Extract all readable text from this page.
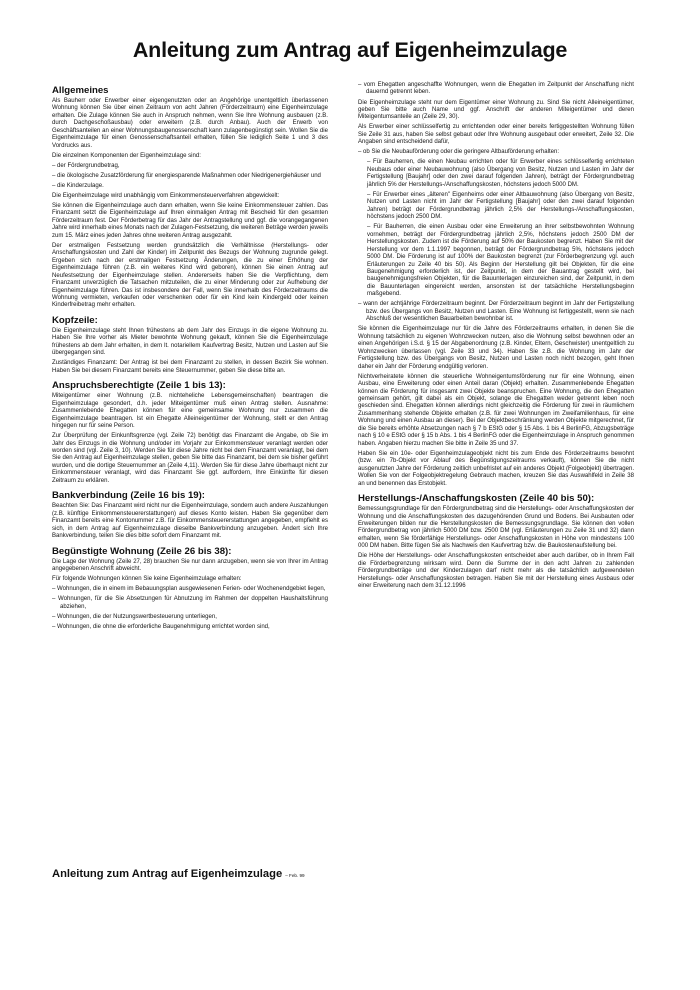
Anleitung zum Antrag auf Eigenheimzulage
Allgemeines

Als Bauherr oder Erwerber einer eigengenutzten oder an Angehörige unentgeltlich überlassenen Wohnung können Sie über einen Zeitraum von acht Jahren (Förderzeitraum) eine Eigenheimzulage erhalten. Die Zulage können Sie auch in Anspruch nehmen, wenn Sie Ihre Wohnung ausbauen (z.B. durch Dachgeschoßausbau) oder erweitern (z.B. durch Anbau). Auch der Erwerb von Geschäftsanteilen an einer Wohnungsbaugenossenschaft kann zulagenbegünstigt sein. Wollen Sie die Eigenheimzulage für einen Genossenschaftsanteil erhalten, füllen Sie lediglich Seite 1 und 3 des Vordrucks aus.

Die einzelnen Komponenten der Eigenheimzulage sind:

– der Fördergrundbetrag,

– die ökologische Zusatzförderung für energiesparende Maßnahmen oder Niedrigenergiehäuser und

– die Kinderzulage.

Die Eigenheimzulage wird unabhängig vom Einkommensteuerverfahren abgewickelt:

Sie können die Eigenheimzulage auch dann erhalten, wenn Sie keine Einkommensteuer zahlen. Das Finanzamt setzt die Eigenheimzulage auf Ihren einmaligen Antrag mit Bescheid für den gesamten Förderzeitraum fest. Der Förderbetrag für das Jahr der Antragstellung und ggf. die vorangegangenen Jahre wird innerhalb eines Monats nach der Zulagen-Festsetzung, die weiteren Beträge werden jeweils zum 15. März eines jeden Jahres ohne weiteren Antrag ausgezahlt.

Der erstmaligen Festsetzung werden grundsätzlich die Verhältnisse (Herstellungs- oder Anschaffungskosten und Zahl der Kinder) im Zeitpunkt des Bezugs der Wohnung zugrunde gelegt. Ergeben sich nach der erstmaligen Festsetzung Änderungen, die zu einer Erhöhung der Eigenheimzulage führen (z.B. ein weiteres Kind wird geboren), können Sie einen Antrag auf Neufestsetzung der Eigenheimzulage stellen. Andererseits haben Sie die Verpflichtung, dem Finanzamt unverzüglich die Tatsachen mitzuteilen, die zu einer Minderung oder zur Aufhebung der Eigenheimzulage führen. Das ist insbesondere der Fall, wenn Sie innerhalb des Förderzeitraums die Wohnung vermieten, verkaufen oder verschenken oder für ein Kind kein Kindergeld oder keinen Kinderfreibetrag mehr erhalten.

Kopfzeile:

Die Eigenheimzulage steht Ihnen frühestens ab dem Jahr des Einzugs in die eigene Wohnung zu. Haben Sie Ihre vorher als Mieter bewohnte Wohnung gekauft, können Sie die Eigenheimzulage frühestens ab dem Jahr erhalten, in dem lt. notariellem Kaufvertrag Besitz, Nutzen und Lasten auf Sie übergegangen sind.

Zuständiges Finanzamt: Der Antrag ist bei dem Finanzamt zu stellen, in dessen Bezirk Sie wohnen. Haben Sie bei diesem Finanzamt bereits eine Steuernummer, geben Sie diese bitte an.

Anspruchsberechtigte (Zeile 1 bis 13):

Miteigentümer einer Wohnung (z.B. nichteheliche Lebensgemeinschaften) beantragen die Eigenheimzulage gesondert, d.h. jeder Miteigentümer muß einen Antrag stellen. Ausnahme: Zusammenlebende Ehegatten können für eine gemeinsame Wohnung nur zusammen die Eigenheimzulage beantragen. Ist ein Ehegatte Alleineigentümer der Wohnung, stellt er den Antrag hingegen nur für seine Person.

Zur Überprüfung der Einkunftsgrenze (vgl. Zeile 72) benötigt das Finanzamt die Angabe, ob Sie im Jahr des Einzugs in die Wohnung und/oder im Vorjahr zur Einkommensteuer veranlagt werden oder worden sind (vgl. Zeile 3, 10). Werden Sie für diese Jahre nicht bei dem Finanzamt veranlagt, bei dem Sie den Antrag auf Eigenheimzulage stellen, geben Sie bitte das Finanzamt, bei dem sie bisher geführt wurden, und die dortige Steuernummer an (Zeile 4,11). Werden Sie für diese Jahre überhaupt nicht zur Einkommensteuer veranlagt, wird das Finanzamt Sie ggf. auffordern, Ihre Einkünfte für diesen Zeitraum zu erklären.

Bankverbindung (Zeile 16 bis 19):

Beachten Sie: Das Finanzamt wird nicht nur die Eigenheimzulage, sondern auch andere Auszahlungen (z.B. künftige Einkommensteuererstattungen) auf dieses Konto leisten. Haben Sie gegenüber dem Finanzamt bereits eine Kontonummer z.B. für Einkommensteuererstattungen angegeben, empfiehlt es sich, in dem Antrag auf Eigenheimzulage dieselbe Bankverbindung anzugeben. Ändert sich Ihre Bankverbindung, teilen Sie dies bitte sofort dem Finanzamt mit.

Begünstigte Wohnung (Zeile 26 bis 38):

Die Lage der Wohnung (Zeile 27, 28) brauchen Sie nur dann anzugeben, wenn sie von Ihrer im Antrag angegebenen Anschrift abweicht.

Für folgende Wohnungen können Sie keine Eigenheimzulage erhalten:

– Wohnungen, die in einem im Bebauungsplan ausgewiesenen Ferien- oder Wochenendgebiet liegen,

– Wohnungen, für die Sie Absetzungen für Abnutzung im Rahmen der doppelten Haushaltsführung abziehen,

– Wohnungen, die der Nutzungswertbesteuerung unterliegen,

– Wohnungen, die ohne die erforderliche Baugenehmigung errichtet worden sind,

– vom Ehegatten angeschaffte Wohnungen, wenn die Ehegatten im Zeitpunkt der Anschaffung nicht dauernd getrennt leben.

Die Eigenheimzulage steht nur dem Eigentümer einer Wohnung zu. Sind Sie nicht Alleineigentümer, geben Sie bitte auch Name und ggf. Anschrift der anderen Miteigentümer und deren Miteigentumsanteile an (Zeile 29, 30).

Als Erwerber einer schlüsselfertig zu errichtenden oder einer bereits fertiggestellten Wohnung füllen Sie Zeile 31 aus, haben Sie selbst gebaut oder Ihre Wohnung ausgebaut oder erweitert, Zeile 32. Die Angaben sind entscheidend dafür,

– ob Sie die Neubauförderung oder die geringere Altbauförderung erhalten:

– Für Bauherren, die einen Neubau errichten oder für Erwerber eines schlüsselfertig errichteten Neubaus oder einer Neubauwohnung (also Übergang von Besitz, Nutzen und Lasten im Jahr der Fertigstellung [Baujahr] oder den zwei darauf folgenden Jahren), beträgt der Fördergrundbetrag jährlich 5% der Herstellungs-/Anschaffungskosten, höchstens jedoch 5000 DM.

– Für Erwerber eines „älteren" Eigenheims oder einer Altbauwohnung (also Übergang von Besitz, Nutzen und Lasten nicht im Jahr der Fertigstellung [Baujahr] oder den zwei darauf folgenden Jahren) beträgt der Fördergrundbetrag jährlich 2,5% der Herstellungs-/Anschaffungskosten, höchstens jedoch 2500 DM.

– Für Bauherren, die einen Ausbau oder eine Erweiterung an ihrer selbstbewohnten Wohnung vornehmen, beträgt der Fördergrundbetrag jährlich 2,5%, höchstens jedoch 2500 DM der Herstellungskosten. Zudem ist die Förderung auf 50% der Baukosten begrenzt. Haben Sie mit der Herstellung vor dem 1.1.1997 begonnen, beträgt der Fördergrundbetrag 5%, höchstens jedoch 5000 DM. Die Förderung ist auf 100% der Baukosten begrenzt (zur Förderbegrenzung vgl. auch Erläuterungen zu Zeile 40 bis 50). Als Beginn der Herstellung gilt bei Objekten, für die eine Baugenehmigung erforderlich ist, der Zeitpunkt, in dem der Bauantrag gestellt wird, bei baugenehmigungsfreien Objekten, für die Bauunterlagen einzureichen sind, der Zeitpunkt, in dem die Bauunterlagen eingereicht werden, ansonsten ist der tatsächliche Herstellungsbeginn maßgebend.

– wann der achtjährige Förderzeitraum beginnt. Der Förderzeitraum beginnt im Jahr der Fertigstellung bzw. des Übergangs von Besitz, Nutzen und Lasten. Eine Wohnung ist fertiggestellt, wenn sie nach Abschluß der wesentlichen Bauarbeiten bewohnbar ist.

Sie können die Eigenheimzulage nur für die Jahre des Förderzeitraums erhalten, in denen Sie die Wohnung tatsächlich zu eigenen Wohnzwecken nutzen, also die Wohnung selbst bewohnen oder an einen Angehörigen i.S.d. § 15 der Abgabenordnung (z.B. Kinder, Eltern, Geschwister) unentgeltlich zu Wohnzwecken überlassen (vgl. Zeile 33 und 34). Haben Sie z.B. die Wohnung im Jahr der Fertigstellung bzw. des Übergangs von Besitz, Nutzen und Lasten noch nicht bezogen, geht Ihnen daher ein Jahr der Förderung endgültig verloren.

Nichtverheiratete können die steuerliche Wohneigentumsförderung nur für eine Wohnung, einen Ausbau, eine Erweiterung oder einen Anteil daran (Objekt) erhalten. Zusammenlebende Ehegatten können die Förderung für insgesamt zwei Objekte beanspruchen. Eine Wohnung, die den Ehegatten gemeinsam gehört, gilt dabei als ein Objekt, solange die Ehegatten weder getrennt leben noch geschieden sind. Ehegatten können allerdings nicht gleichzeitig die Förderung für zwei in räumlichem Zusammenhang stehende Objekte erhalten (z.B. für zwei Wohnungen im Zweifamilienhaus, für eine Wohnung und einen Ausbau an dieser). Bei der Objektbeschränkung werden Objekte mitgerechnet, für die Sie bereits erhöhte Absetzungen nach § 7 b EStG oder § 15 Abs. 1 bis 4 BerlinFG, Abzugsbeträge nach § 10 e EStG oder § 15 b Abs. 1 bis 4 BerlinFG oder die Eigenheimzulage in Anspruch genommen haben. Angaben hierzu machen Sie bitte in Zeile 35 und 37.

Haben Sie ein 10e- oder Eigenheimzulageobjekt nicht bis zum Ende des Förderzeitraums bewohnt (bzw. ein 7b-Objekt vor Ablauf des Begünstigungszeitraums verkauft), können Sie die nicht ausgenutzten Jahre der Förderung zeitlich unbefristet auf ein anderes Objekt (Folgeobjekt) übertragen. Wollen Sie von der Folgeobjektregelung Gebrauch machen, kreuzen Sie das Auswahlfeld in Zeile 38 an und benennen das Erstobjekt.

Herstellungs-/Anschaffungskosten (Zeile 40 bis 50):

Bemessungsgrundlage für den Fördergrundbetrag sind die Herstellungs- oder Anschaffungskosten der Wohnung und die Anschaffungskosten des dazugehörenden Grund und Bodens. Bei Ausbauten oder Erweiterungen bilden nur die Herstellungskosten die Bemessungsgrundlage. Sie können den vollen Fördergrundbetrag von jährlich 5000 DM bzw. 2500 DM (vgl. Erläuterungen zu Zeile 31 und 32) dann erhalten, wenn Sie förderfähige Herstellungs- oder Anschaffungskosten in Höhe von mindestens 100 000 DM haben. Bitte fügen Sie als Nachweis den Kaufvertrag bzw. die Baukostenaufstellung bei.

Die Höhe der Herstellungs- oder Anschaffungskosten entscheidet aber auch darüber, ob in Ihrem Fall die Förderbegrenzung wirksam wird. Denn die Summe der in den acht Jahren zu zahlenden Fördergrundbeträge und der Kinderzulagen darf nicht mehr als die tatsächlich aufgewendeten Herstellungs- oder Anschaffungskosten betragen. Haben Sie mit der Herstellung eines Ausbaus oder einer Erweiterung nach dem 31.12.1996

Anleitung zum Antrag auf Eigenheimzulage – Feb. 99
